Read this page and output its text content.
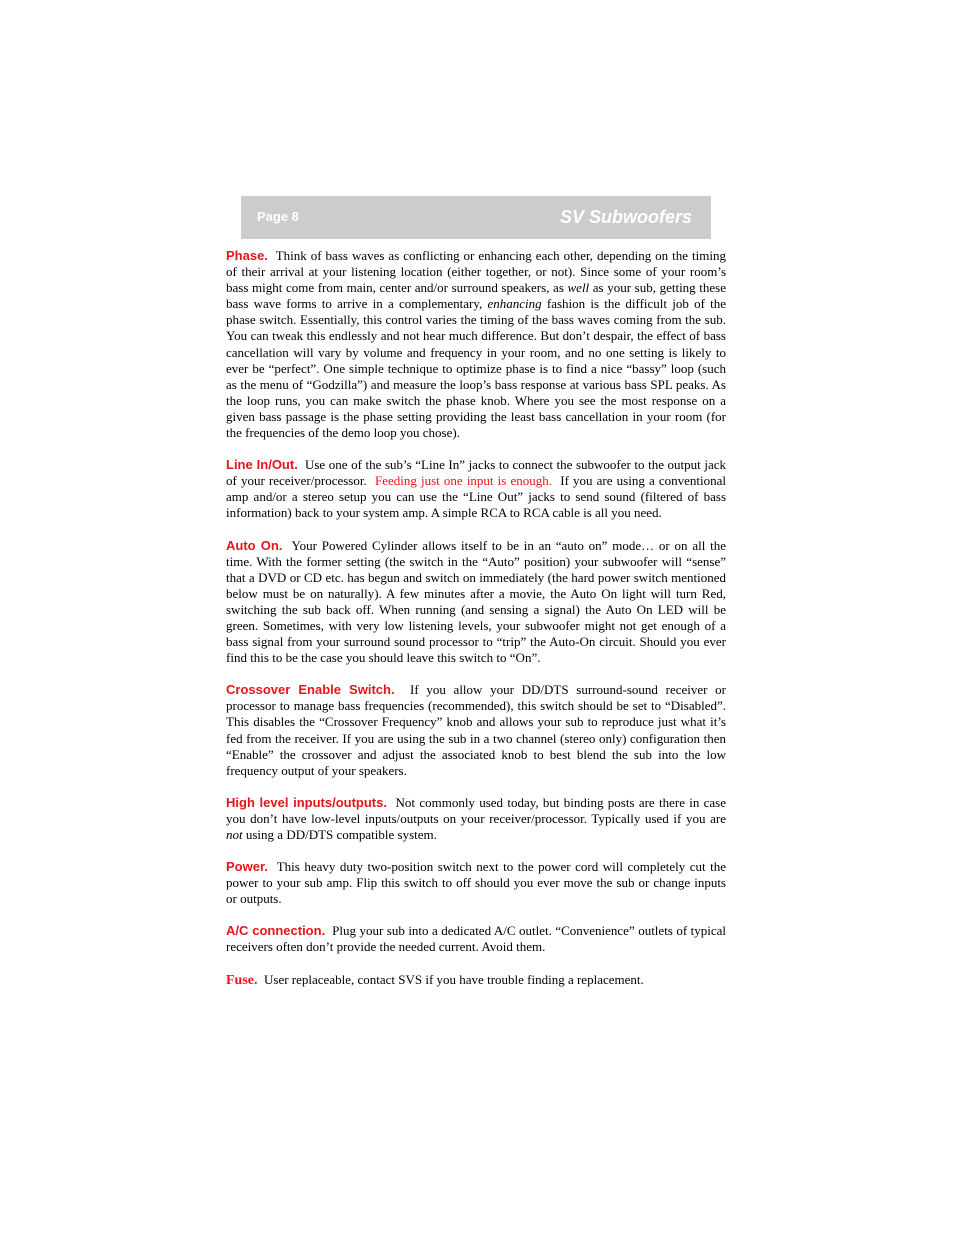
Page 8	SV Subwoofers

Phase. Think of bass waves as conflicting or enhancing each other, depending on the timing of their arrival at your listening location (either together, or not). Since some of your room’s bass might come from main, center and/or surround speakers, as well as your sub, getting these bass wave forms to arrive in a complementary, enhancing fashion is the difficult job of the phase switch. Essentially, this control varies the timing of the bass waves coming from the sub. You can tweak this endlessly and not hear much difference. But don’t despair, the effect of bass cancellation will vary by volume and frequency in your room, and no one setting is likely to ever be “perfect”. One simple technique to optimize phase is to find a nice “bassy” loop (such as the menu of “Godzilla”) and measure the loop’s bass response at various bass SPL peaks. As the loop runs, you can make switch the phase knob. Where you see the most response on a given bass passage is the phase setting providing the least bass cancellation in your room (for the frequencies of the demo loop you chose).

Line In/Out. Use one of the sub’s “Line In” jacks to connect the subwoofer to the output jack of your receiver/processor. Feeding just one input is enough. If you are using a conventional amp and/or a stereo setup you can use the “Line Out” jacks to send sound (filtered of bass information) back to your system amp. A simple RCA to RCA cable is all you need.

Auto On. Your Powered Cylinder allows itself to be in an “auto on” mode… or on all the time. With the former setting (the switch in the “Auto” position) your subwoofer will “sense” that a DVD or CD etc. has begun and switch on immediately (the hard power switch mentioned below must be on naturally). A few minutes after a movie, the Auto On light will turn Red, switching the sub back off. When running (and sensing a signal) the Auto On LED will be green. Sometimes, with very low listening levels, your subwoofer might not get enough of a bass signal from your surround sound processor to “trip” the Auto-On circuit. Should you ever find this to be the case you should leave this switch to “On”.

Crossover Enable Switch. If you allow your DD/DTS surround-sound receiver or processor to manage bass frequencies (recommended), this switch should be set to “Disabled”. This disables the “Crossover Frequency” knob and allows your sub to reproduce just what it’s fed from the receiver. If you are using the sub in a two channel (stereo only) configuration then “Enable” the crossover and adjust the associated knob to best blend the sub into the low frequency output of your speakers.

High level inputs/outputs. Not commonly used today, but binding posts are there in case you don’t have low-level inputs/outputs on your receiver/processor. Typically used if you are not using a DD/DTS compatible system.

Power. This heavy duty two-position switch next to the power cord will completely cut the power to your sub amp. Flip this switch to off should you ever move the sub or change inputs or outputs.

A/C connection. Plug your sub into a dedicated A/C outlet. “Convenience” outlets of typical receivers often don’t provide the needed current. Avoid them.

Fuse. User replaceable, contact SVS if you have trouble finding a replacement.
